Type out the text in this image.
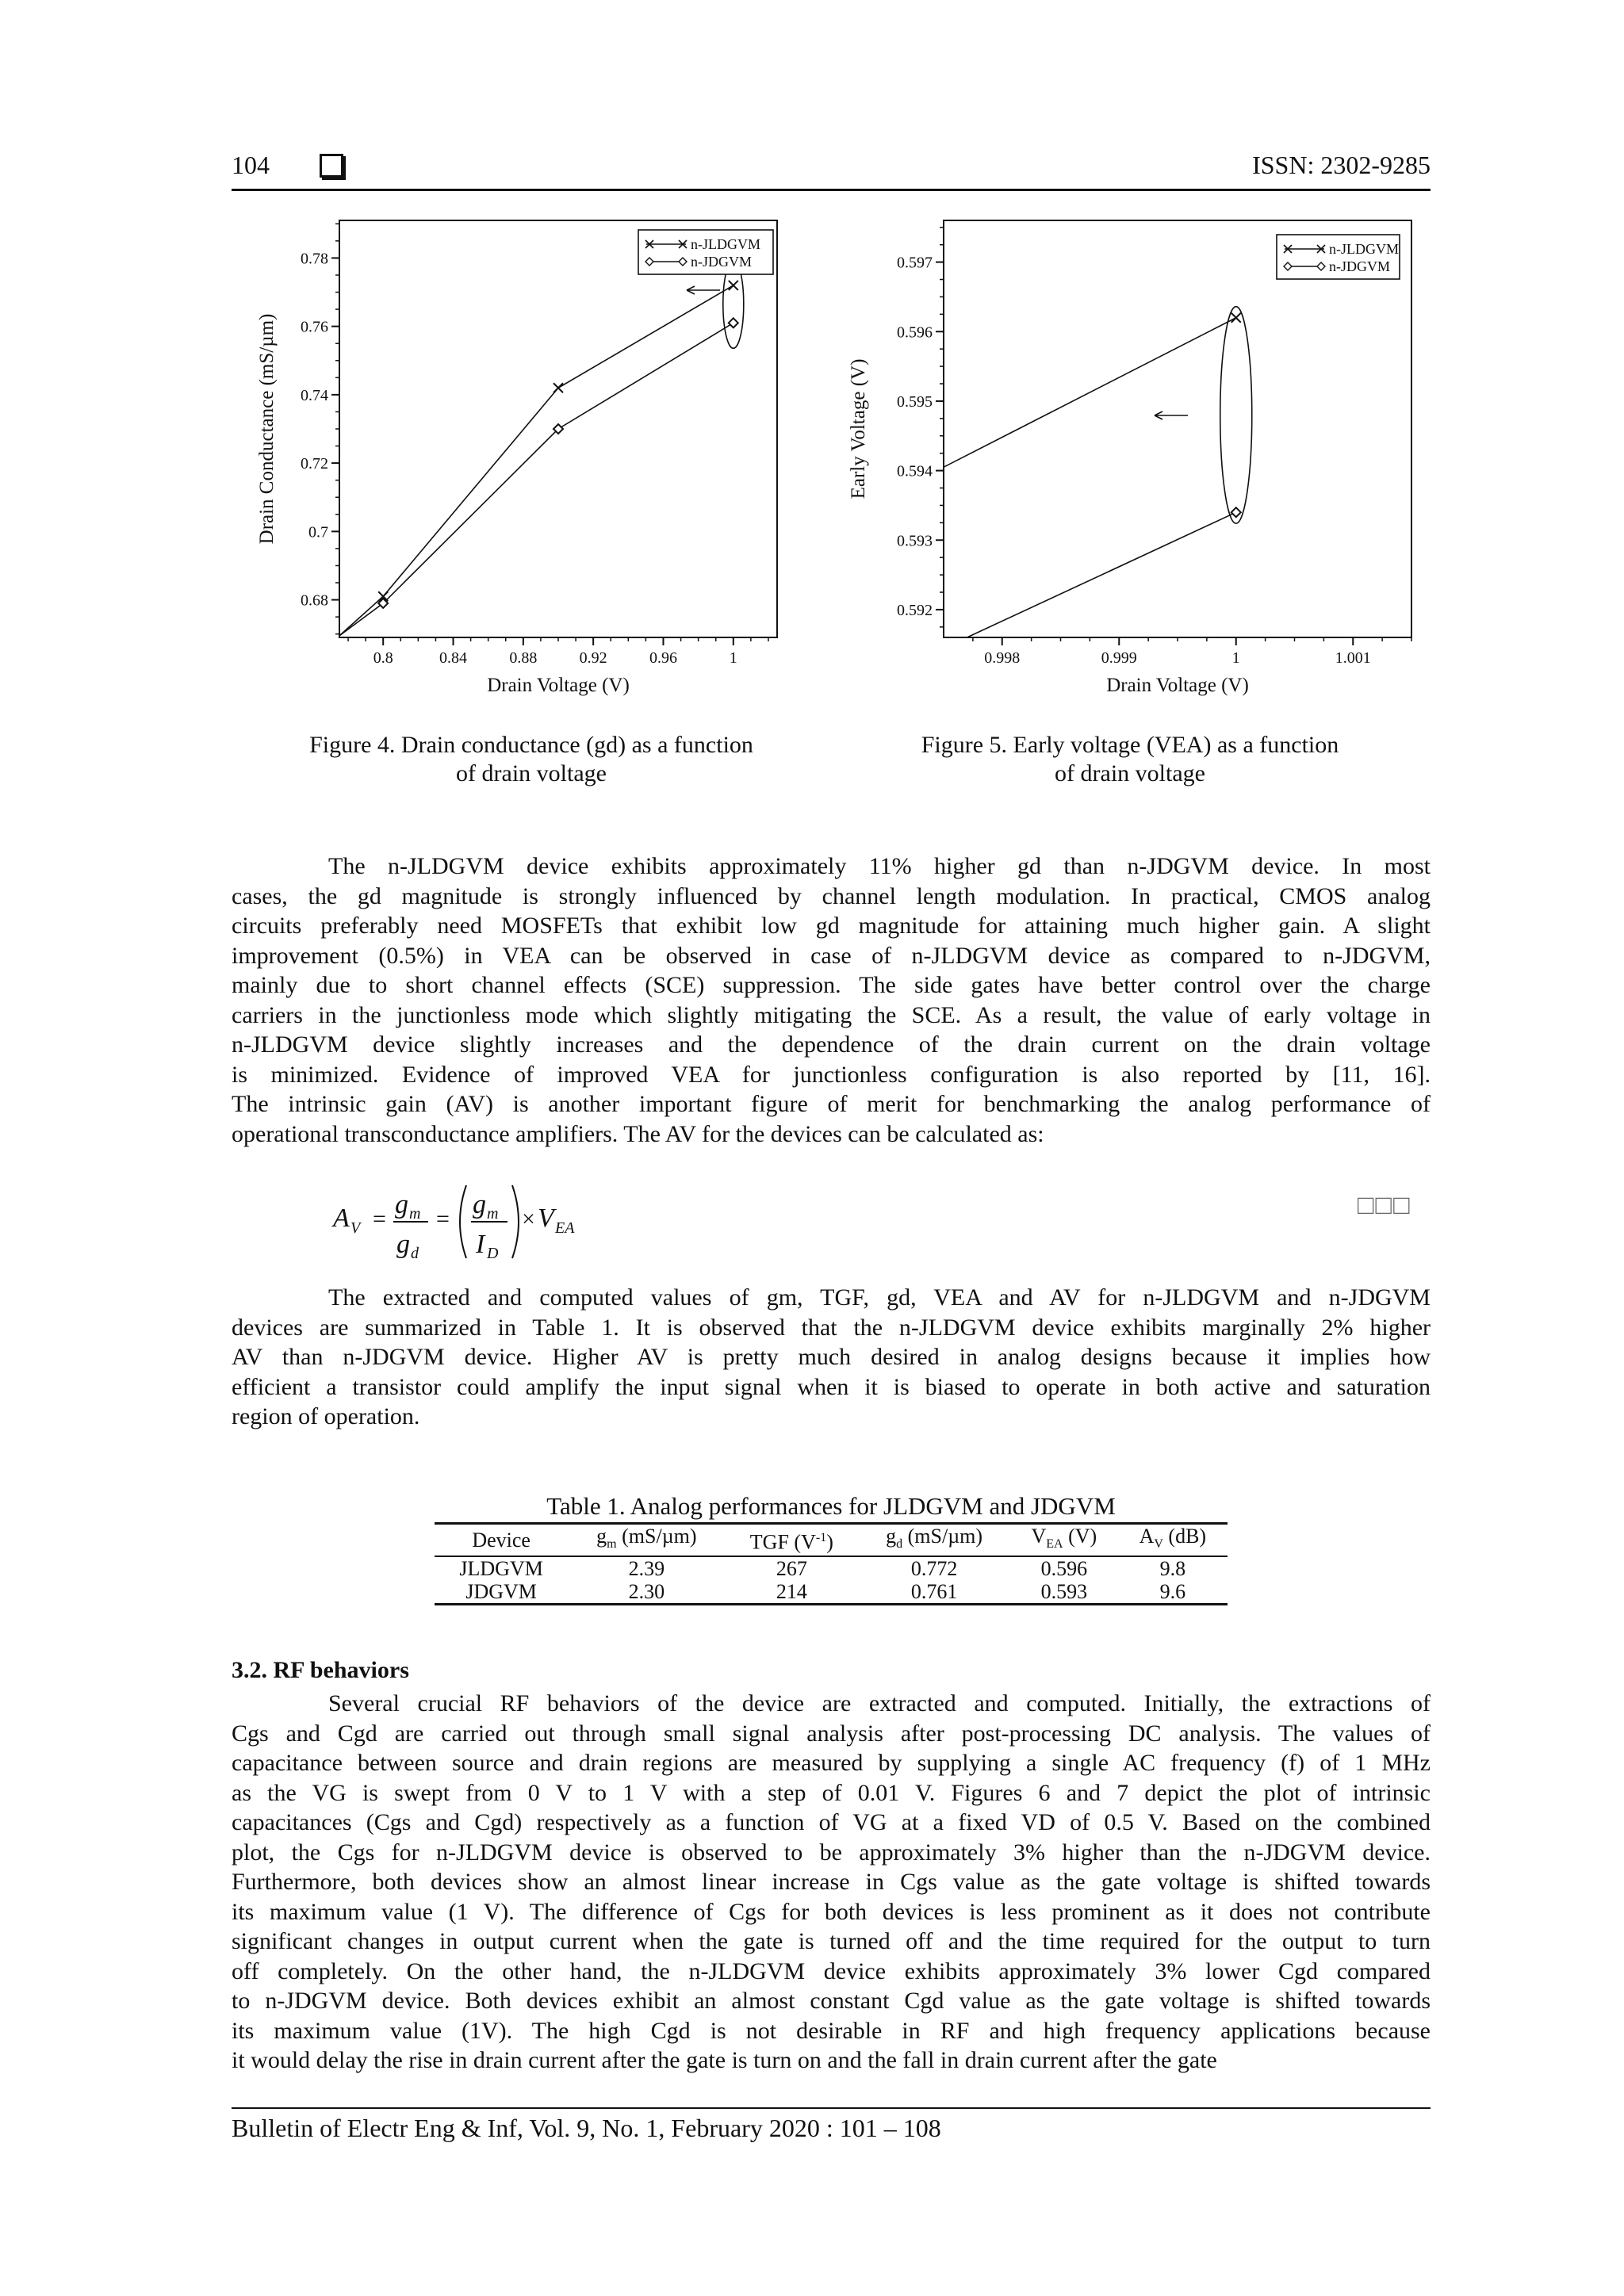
104	ISSN: 2302-9285
0.68
0.7
0.72
0.74
0.76
0.78
0.8	0.84	0.88	0.92	0.96	1
Drain Voltage (V)
Drain Conductance (mS/µm)
n-JLDGVM
n-JDGVM
0.592
0.593
0.594
0.595
0.596
0.597
0.998	0.999	1	1.001
Drain Voltage (V)
Early Voltage (V)
n-JLDGVM
n-JDGVM
Figure 4. Drain conductance (gd) as a function
of drain voltage
Figure 5. Early voltage (VEA) as a function
of drain voltage

The n-JLDGVM device exhibits approximately 11% higher gd than n-JDGVM device. In most
cases, the gd magnitude is strongly influenced by channel length modulation. In practical, CMOS analog
circuits preferably need MOSFETs that exhibit low gd magnitude for attaining much higher gain. A slight
improvement (0.5%) in VEA can be observed in case of n-JLDGVM device as compared to n-JDGVM,
mainly due to short channel effects (SCE) suppression. The side gates have better control over the charge
carriers in the junctionless mode which slightly mitigating the SCE. As a result, the value of early voltage in
n-JLDGVM device slightly increases and the dependence of the drain current on the drain voltage
is minimized. Evidence of improved VEA for junctionless configuration is also reported by [11, 16].
The intrinsic gain (AV) is another important figure of merit for benchmarking the analog performance of
operational transconductance amplifiers. The AV for the devices can be calculated as:

A V = g m
g d
= g m
I D
× V EA
□□□

The extracted and computed values of gm, TGF, gd, VEA and AV for n-JLDGVM and n-JDGVM
devices are summarized in Table 1. It is observed that the n-JLDGVM device exhibits marginally 2% higher
AV than n-JDGVM device. Higher AV is pretty much desired in analog designs because it implies how
efficient a transistor could amplify the input signal when it is biased to operate in both active and saturation
region of operation.

Table 1. Analog performances for JLDGVM and JDGVM
Device	$g_m$ (mS/µm)	TGF $(V^{-1})$	$g_d$ (mS/µm)	$V_{EA}$ (V)	$A_V$ (dB)
JLDGVM	2.39	267	0.772	0.596	9.8
JDGVM	2.30	214	0.761	0.593	9.6
3.2. RF behaviors

Several crucial RF behaviors of the device are extracted and computed. Initially, the extractions of
Cgs and Cgd are carried out through small signal analysis after post-processing DC analysis. The values of
capacitance between source and drain regions are measured by supplying a single AC frequency (f) of 1 MHz
as the VG is swept from 0 V to 1 V with a step of 0.01 V. Figures 6 and 7 depict the plot of intrinsic
capacitances (Cgs and Cgd) respectively as a function of VG at a fixed VD of 0.5 V. Based on the combined
plot, the Cgs for n-JLDGVM device is observed to be approximately 3% higher than the n-JDGVM device.
Furthermore, both devices show an almost linear increase in Cgs value as the gate voltage is shifted towards
its maximum value (1 V). The difference of Cgs for both devices is less prominent as it does not contribute
significant changes in output current when the gate is turned off and the time required for the output to turn
off completely. On the other hand, the n-JLDGVM device exhibits approximately 3% lower Cgd compared
to n-JDGVM device. Both devices exhibit an almost constant Cgd value as the gate voltage is shifted towards
its maximum value (1V). The high Cgd is not desirable in RF and high frequency applications because
it would delay the rise in drain current after the gate is turn on and the fall in drain current after the gate

Bulletin of Electr Eng & Inf, Vol. 9, No. 1, February 2020 : 101 – 108
